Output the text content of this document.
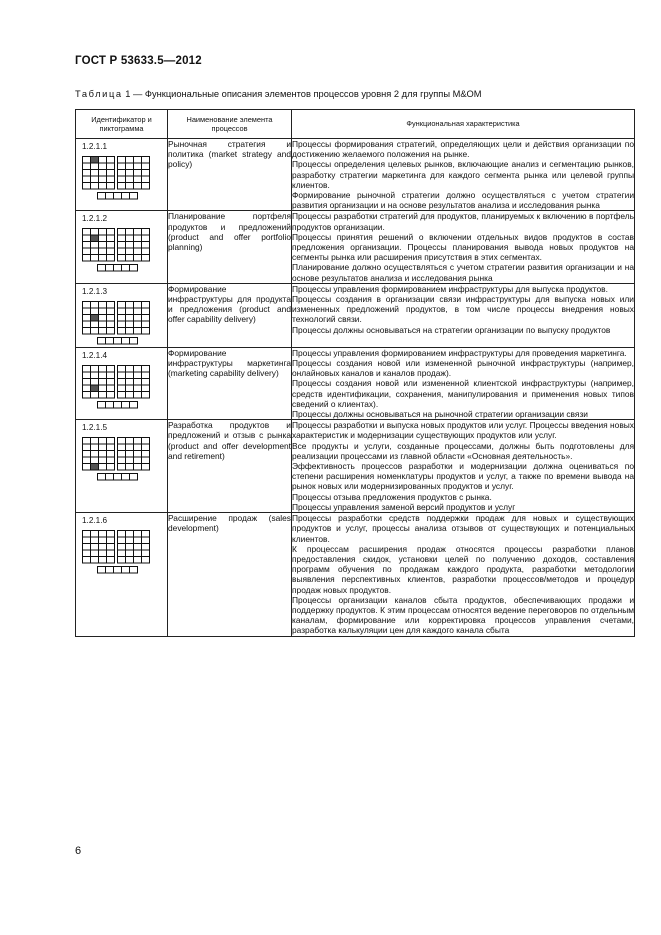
ГОСТ Р 53633.5—2012
Таблица 1 — Функциональные описания элементов процессов уровня 2 для группы M&OM
Идентификатор и пиктограмма	Наименование элемента процессов	Функциональная характеристика

1.2.1.1	Рыночная стратегия и политика (market strategy and policy)	Процессы формирования стратегий, определяющих цели и действия организации по достижению желаемого положения на рынке.

Процессы определения целевых рынков, включающие анализ и сегментацию рынков, разработку стратегии маркетинга для каждого сегмента рынка или целевой группы клиентов.

Формирование рыночной стратегии должно осуществляться с учетом стратегии развития организации и на основе результатов анализа и исследования рынка

1.2.1.2	Планирование портфеля продуктов и предложений (product and offer portfolio planning)	Процессы разработки стратегий для продуктов, планируемых к включению в портфель продуктов организации.

Процессы принятия решений о включении отдельных видов продуктов в состав предложения организации. Процессы планирования вывода новых продуктов на сегменты рынка или расширения присутствия в этих сегментах.

Планирование должно осуществляться с учетом стратегии развития организации и на основе результатов анализа и исследования рынка

1.2.1.3	Формирование инфраструктуры для продукта и предложения (product and offer capability delivery)	Процессы управления формированием инфраструктуры для выпуска продуктов.

Процессы создания в организации связи инфраструктуры для выпуска новых или измененных предложений продуктов, в том числе процессы внедрения новых технологий связи.

Процессы должны основываться на стратегии организации по выпуску продуктов

1.2.1.4	Формирование инфраструктуры маркетинга (marketing capability delivery)	Процессы управления формированием инфраструктуры для проведения маркетинга.

Процессы создания новой или измененной рыночной инфраструктуры (например, онлайновых каналов и каналов продаж).

Процессы создания новой или измененной клиентской инфраструктуры (например, средств идентификации, сохранения, манипулирования и применения новых типов сведений о клиентах).

Процессы должны основываться на рыночной стратегии организации связи

1.2.1.5	Разработка продуктов и предложений и отзыв с рынка (product and offer development and retirement)	Процессы разработки и выпуска новых продуктов или услуг. Процессы введения новых характеристик и модернизации существующих продуктов или услуг.

Все продукты и услуги, созданные процессами, должны быть подготовлены для реализации процессами из главной области «Основная деятельность».

Эффективность процессов разработки и модернизации должна оцениваться по степени расширения номенклатуры продуктов и услуг, а также по времени вывода на рынок новых или модернизированных продуктов и услуг.

Процессы отзыва предложения продуктов с рынка.

Процессы управления заменой версий продуктов и услуг

1.2.1.6	Расширение продаж (sales development)	Процессы разработки средств поддержки продаж для новых и существующих продуктов и услуг, процессы анализа отзывов от существующих и потенциальных клиентов.

К процессам расширения продаж относятся процессы разработки планов предоставления скидок, установки целей по получению доходов, составления программ обучения по продажам каждого продукта, разработки методологии выявления перспективных клиентов, разработки процессов/методов и процедур продаж новых продуктов.

Процессы организации каналов сбыта продуктов, обеспечивающих продажи и поддержку продуктов. К этим процессам относятся ведение переговоров по отдельным каналам, формирование или корректировка процессов управления счетами, разработка калькуляции цен для каждого канала сбыта

6
